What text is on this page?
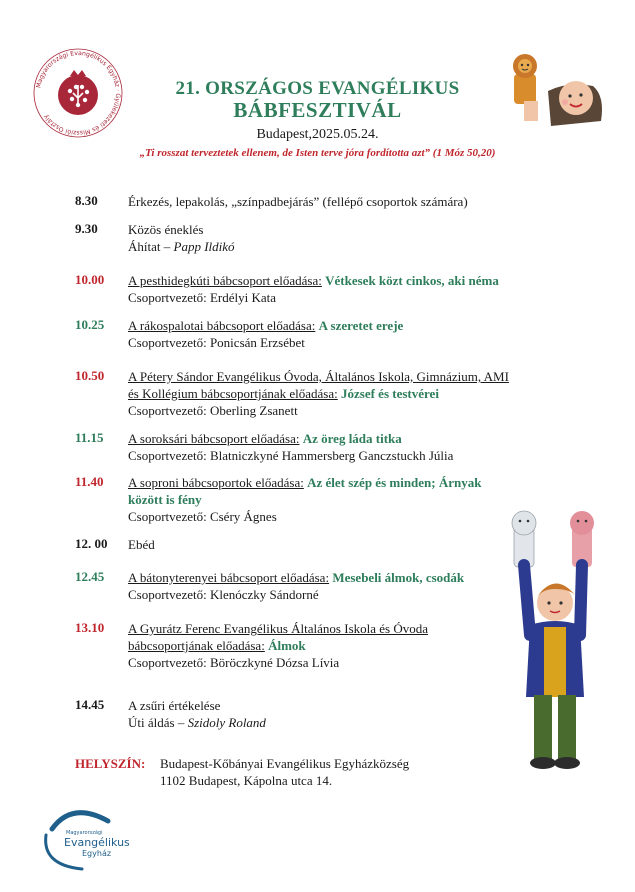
Magyarországi Evangélikus Egyház · Gyülekezeti és Missziói Osztály
21. ORSZÁGOS EVANGÉLIKUS
BÁBFESZTIVÁL
Budapest,2025.05.24.
„Ti rosszat terveztetek ellenem, de Isten terve jóra fordította azt” (1 Móz 50,20)
8.30 Érkezés, lepakolás, „színpadbejárás” (fellépő csoportok számára)
9.30 Közös éneklés
Áhítat – Papp Ildikó
10.00 A pesthidegkúti bábcsoport előadása: Vétkesek közt cinkos, aki néma
Csoportvezető: Erdélyi Kata
10.25 A rákospalotai bábcsoport előadása: A szeretet ereje
Csoportvezető: Ponicsán Erzsébet
10.50 A Pétery Sándor Evangélikus Óvoda, Általános Iskola, Gimnázium, AMI
és Kollégium bábcsoportjának előadása: József és testvérei
Csoportvezető: Oberling Zsanett
11.15 A soroksári bábcsoport előadása: Az öreg láda titka
Csoportvezető: Blatniczkyné Hammersberg Ganczstuckh Júlia
11.40 A soproni bábcsoportok előadása: Az élet szép és minden; Árnyak
között is fény
Csoportvezető: Cséry Ágnes
12. 00 Ebéd
12.45 A bátonyterenyei bábcsoport előadása: Mesebeli álmok, csodák
Csoportvezető: Klenóczky Sándorné
13.10 A Gyurátz Ferenc Evangélikus Általános Iskola és Óvoda
bábcsoportjának előadása: Álmok
Csoportvezető: Böröczkyné Dózsa Lívia
14.45 A zsűri értékelése
Úti áldás – Szidoly Roland
HELYSZÍN: Budapest-Kőbányai Evangélikus Egyházközség
1102 Budapest, Kápolna utca 14.
Magyarországi
Evangélikus
Egyház
